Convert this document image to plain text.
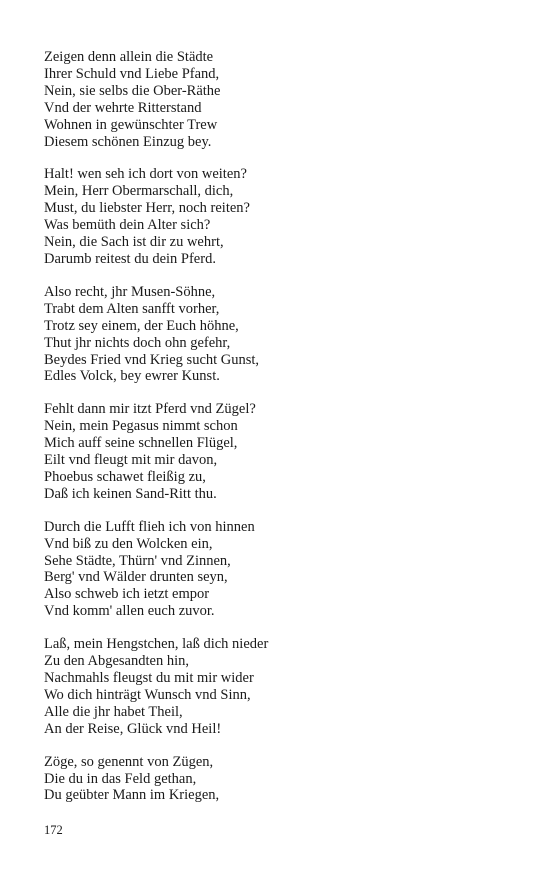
Zeigen denn allein die Städte
Ihrer Schuld vnd Liebe Pfand,
Nein, sie selbs die Ober-Räthe
Vnd der wehrte Ritterstand
Wohnen in gewünschter Trew
Diesem schönen Einzug bey.
Halt! wen seh ich dort von weiten?
Mein, Herr Obermarschall, dich,
Must, du liebster Herr, noch reiten?
Was bemüth dein Alter sich?
Nein, die Sach ist dir zu wehrt,
Darumb reitest du dein Pferd.
Also recht, jhr Musen-Söhne,
Trabt dem Alten sanfft vorher,
Trotz sey einem, der Euch höhne,
Thut jhr nichts doch ohn gefehr,
Beydes Fried vnd Krieg sucht Gunst,
Edles Volck, bey ewrer Kunst.
Fehlt dann mir itzt Pferd vnd Zügel?
Nein, mein Pegasus nimmt schon
Mich auff seine schnellen Flügel,
Eilt vnd fleugt mit mir davon,
Phoebus schawet fleißig zu,
Daß ich keinen Sand-Ritt thu.
Durch die Lufft flieh ich von hinnen
Vnd biß zu den Wolcken ein,
Sehe Städte, Thürn' vnd Zinnen,
Berg' vnd Wälder drunten seyn,
Also schweb ich ietzt empor
Vnd komm' allen euch zuvor.
Laß, mein Hengstchen, laß dich nieder
Zu den Abgesandten hin,
Nachmahls fleugst du mit mir wider
Wo dich hinträgt Wunsch vnd Sinn,
Alle die jhr habet Theil,
An der Reise, Glück vnd Heil!
Zöge, so genennt von Zügen,
Die du in das Feld gethan,
Du geübter Mann im Kriegen,
172
